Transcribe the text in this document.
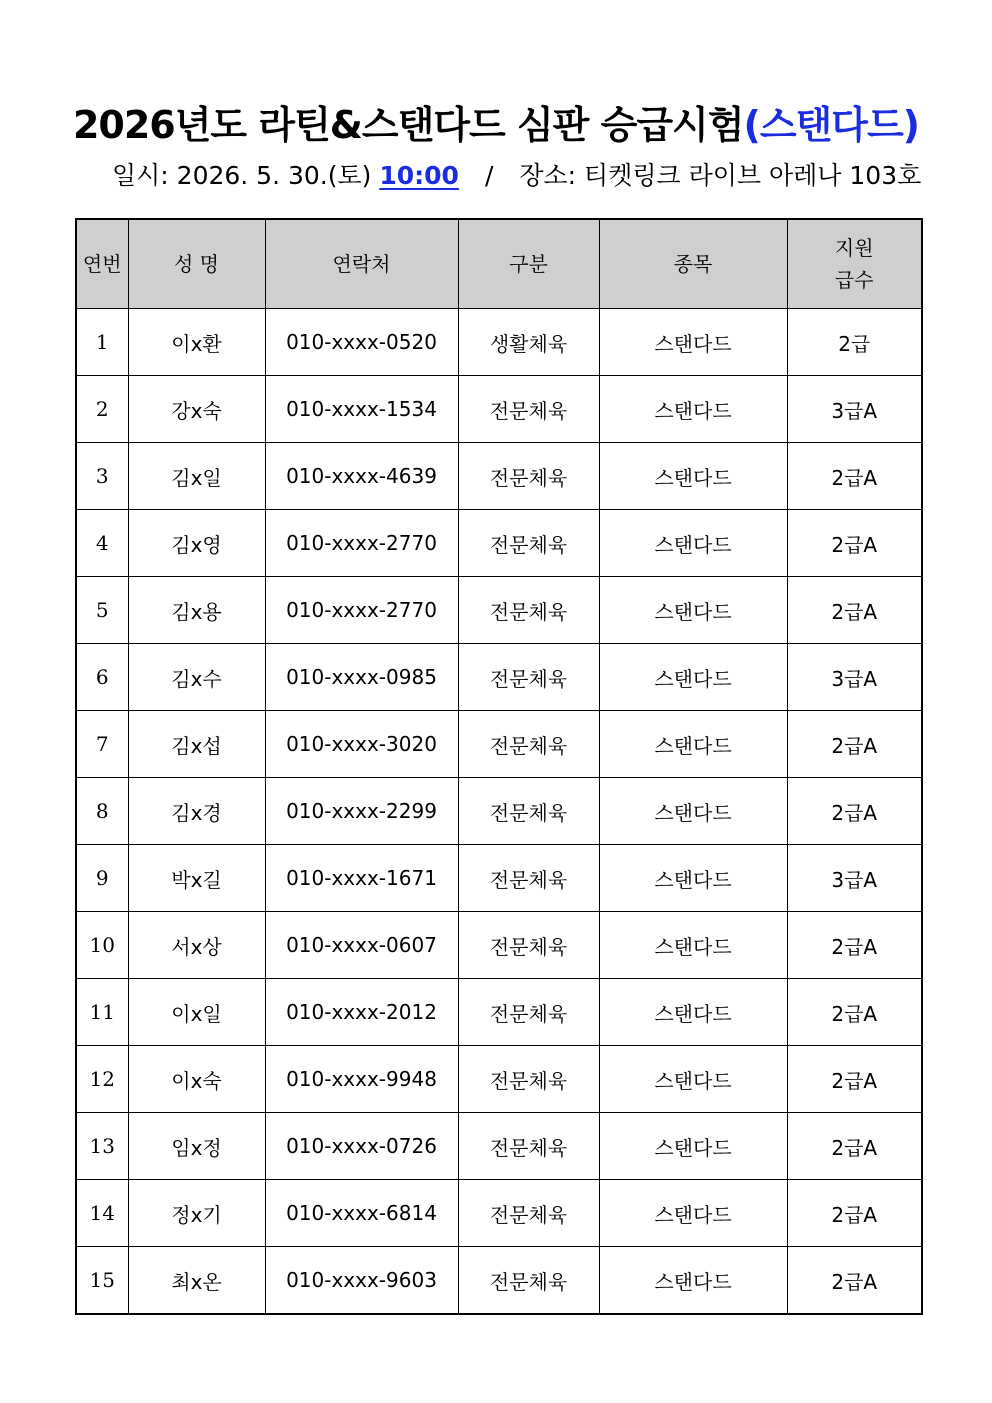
2026년도 라틴&스탠다드 심판 승급시험(스탠다드)
일시: 2026. 5. 30.(토) 10:00 / 장소: 티켓링크 라이브 아레나 103호
연번	성 명	연락처	구분	종목	지원
급수
1	이x환	010-xxxx-0520	생활체육	스탠다드	2급
2	강x숙	010-xxxx-1534	전문체육	스탠다드	3급A
3	김x일	010-xxxx-4639	전문체육	스탠다드	2급A
4	김x영	010-xxxx-2770	전문체육	스탠다드	2급A
5	김x용	010-xxxx-2770	전문체육	스탠다드	2급A
6	김x수	010-xxxx-0985	전문체육	스탠다드	3급A
7	김x섭	010-xxxx-3020	전문체육	스탠다드	2급A
8	김x경	010-xxxx-2299	전문체육	스탠다드	2급A
9	박x길	010-xxxx-1671	전문체육	스탠다드	3급A
10	서x상	010-xxxx-0607	전문체육	스탠다드	2급A
11	이x일	010-xxxx-2012	전문체육	스탠다드	2급A
12	이x숙	010-xxxx-9948	전문체육	스탠다드	2급A
13	임x정	010-xxxx-0726	전문체육	스탠다드	2급A
14	정x기	010-xxxx-6814	전문체육	스탠다드	2급A
15	최x온	010-xxxx-9603	전문체육	스탠다드	2급A
